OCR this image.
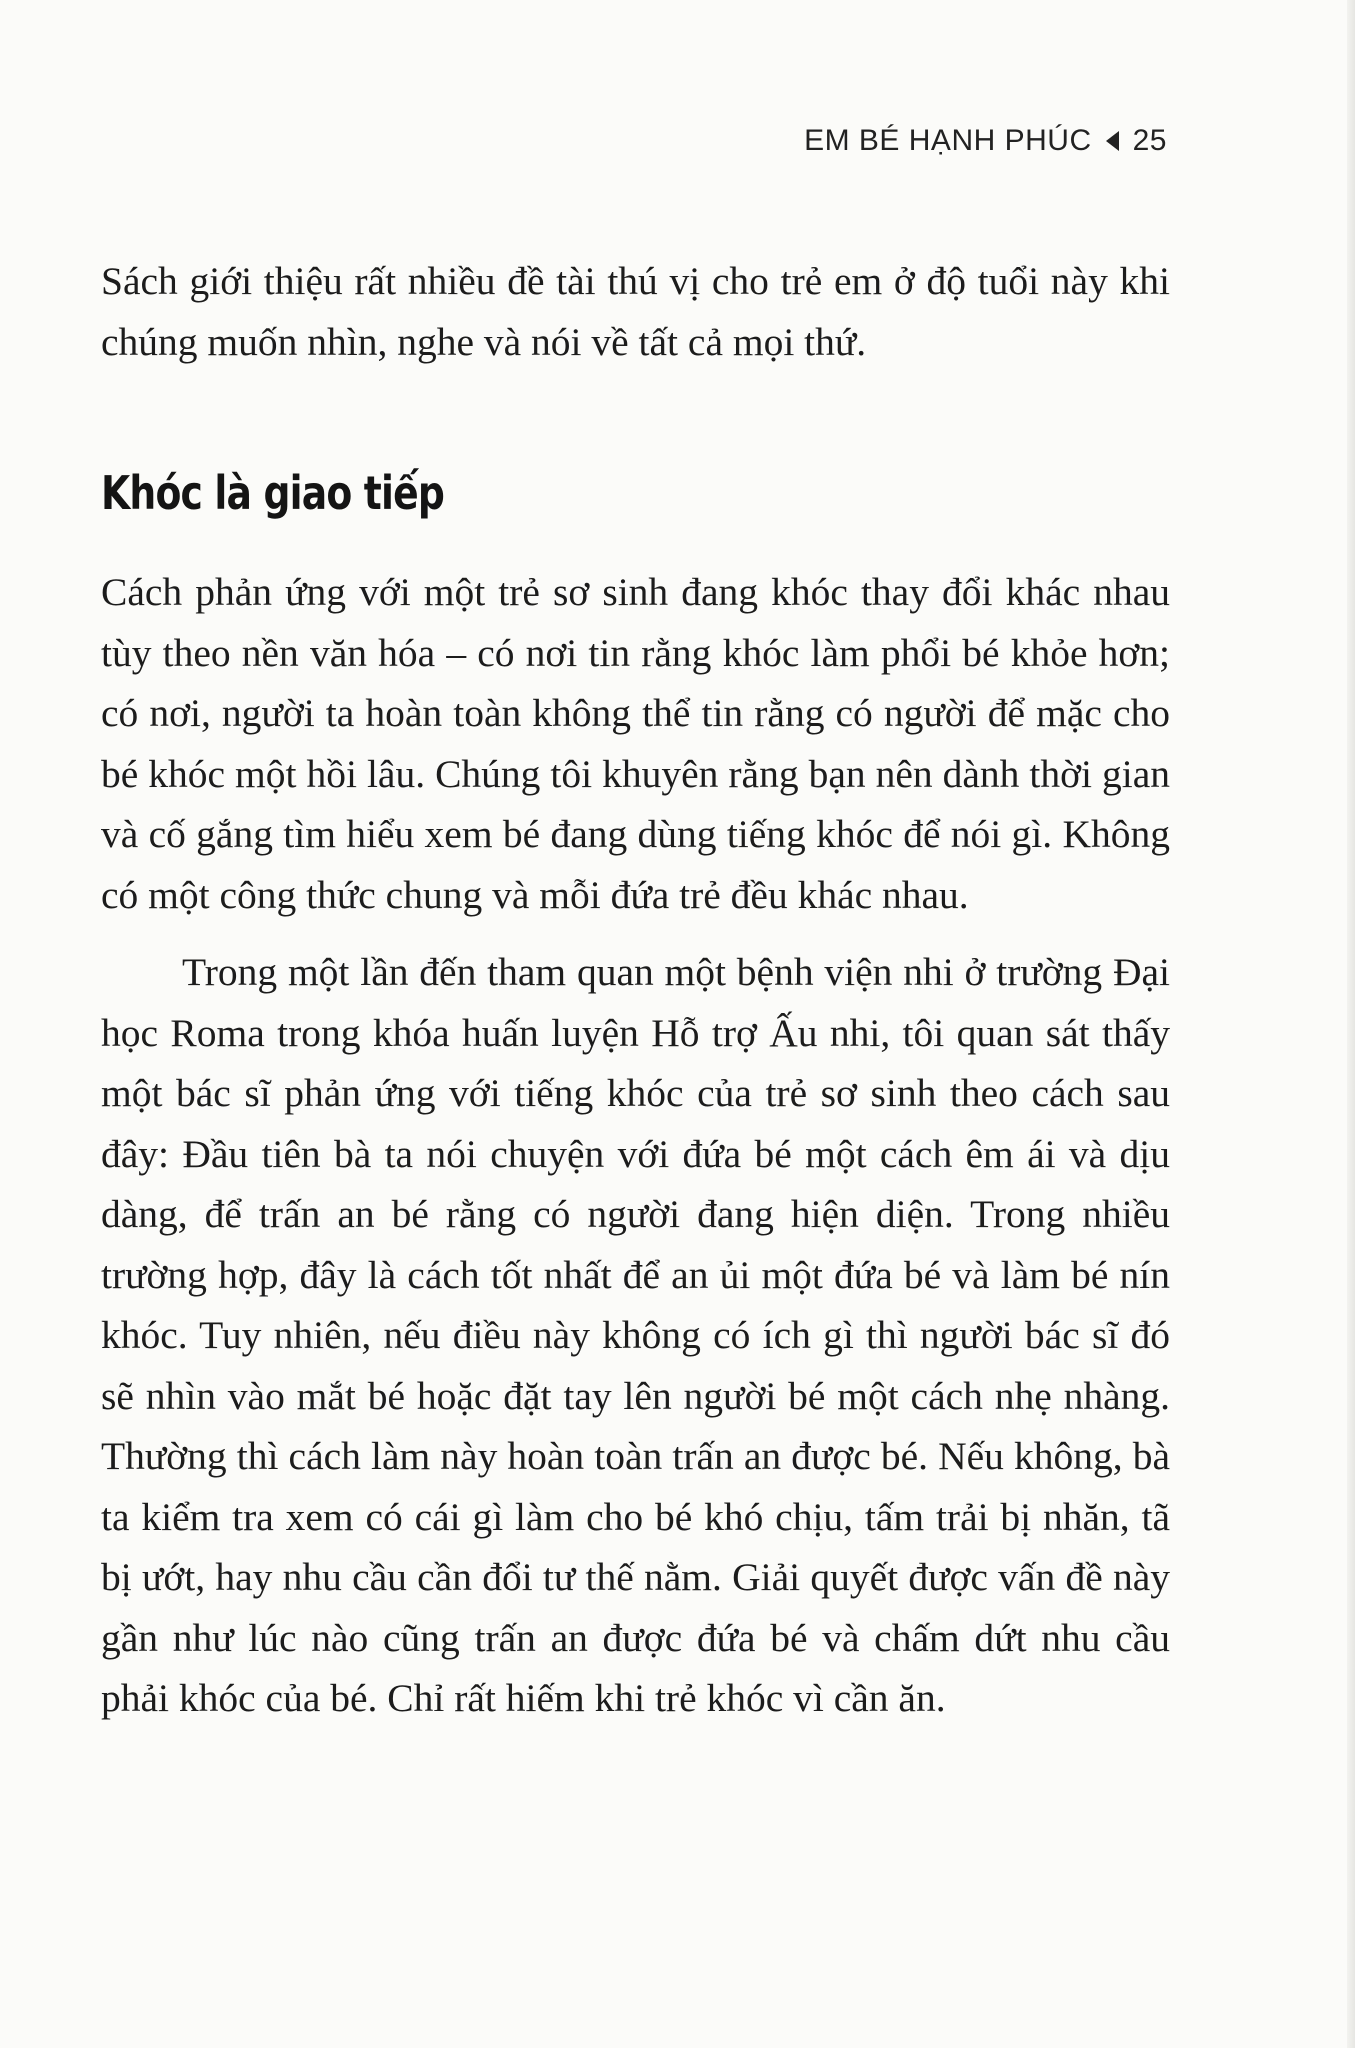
EM BÉ HẠNH PHÚC 25

Sách giới thiệu rất nhiều đề tài thú vị cho trẻ em ở độ tuổi này khi chúng muốn nhìn, nghe và nói về tất cả mọi thứ.

Khóc là giao tiếp

Cách phản ứng với một trẻ sơ sinh đang khóc thay đổi khác nhau tùy theo nền văn hóa – có nơi tin rằng khóc làm phổi bé khỏe hơn; có nơi, người ta hoàn toàn không thể tin rằng có người để mặc cho bé khóc một hồi lâu. Chúng tôi khuyên rằng bạn nên dành thời gian và cố gắng tìm hiểu xem bé đang dùng tiếng khóc để nói gì. Không có một công thức chung và mỗi đứa trẻ đều khác nhau.

Trong một lần đến tham quan một bệnh viện nhi ở trường Đại học Roma trong khóa huấn luyện Hỗ trợ Ấu nhi, tôi quan sát thấy một bác sĩ phản ứng với tiếng khóc của trẻ sơ sinh theo cách sau đây: Đầu tiên bà ta nói chuyện với đứa bé một cách êm ái và dịu dàng, để trấn an bé rằng có người đang hiện diện. Trong nhiều trường hợp, đây là cách tốt nhất để an ủi một đứa bé và làm bé nín khóc. Tuy nhiên, nếu điều này không có ích gì thì người bác sĩ đó sẽ nhìn vào mắt bé hoặc đặt tay lên người bé một cách nhẹ nhàng. Thường thì cách làm này hoàn toàn trấn an được bé. Nếu không, bà ta kiểm tra xem có cái gì làm cho bé khó chịu, tấm trải bị nhăn, tã bị ướt, hay nhu cầu cần đổi tư thế nằm. Giải quyết được vấn đề này gần như lúc nào cũng trấn an được đứa bé và chấm dứt nhu cầu phải khóc của bé. Chỉ rất hiếm khi trẻ khóc vì cần ăn.
